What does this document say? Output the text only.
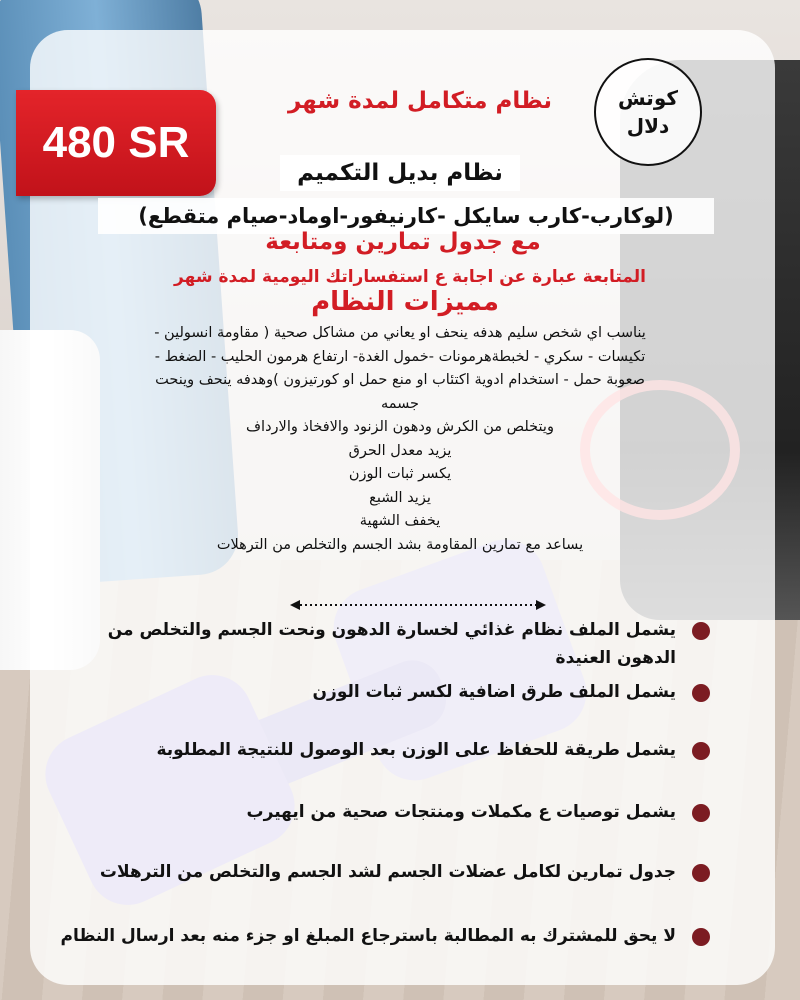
480 SR
كوتش
دلال
نظام متكامل لمدة شهر
نظام بديل التكميم
(لوكارب-كارب سايكل -كارنيفور-اوماد-صيام متقطع)
مع جدول تمارين ومتابعة
المتابعة عبارة عن اجابة ع استفساراتك اليومية لمدة شهر
مميزات النظام
يناسب اي شخص سليم هدفه ينحف او يعاني من مشاكل صحية ( مقاومة انسولين -
تكيسات - سكري - لخبطةهرمونات -خمول الغدة- ارتفاع هرمون الحليب - الضغط -
صعوبة حمل - استخدام ادوية اكتئاب او منع حمل او كورتيزون )وهدفه ينحف وينحت
جسمه
ويتخلص من الكرش ودهون الزنود والافخاذ والارداف
يزيد معدل الحرق
يكسر ثبات الوزن
يزيد الشبع
يخفف الشهية
يساعد مع تمارين المقاومة بشد الجسم والتخلص من الترهلات
يشمل الملف نظام غذائي لخسارة الدهون ونحت الجسم والتخلص من الدهون العنيدة
يشمل الملف طرق اضافية لكسر ثبات الوزن
يشمل طريقة للحفاظ على الوزن بعد الوصول للنتيجة المطلوبة
يشمل توصيات ع مكملات ومنتجات صحية من ايهيرب
جدول تمارين لكامل عضلات الجسم لشد الجسم والتخلص من الترهلات
لا يحق للمشترك به المطالبة باسترجاع المبلغ او جزء منه بعد ارسال النظام
